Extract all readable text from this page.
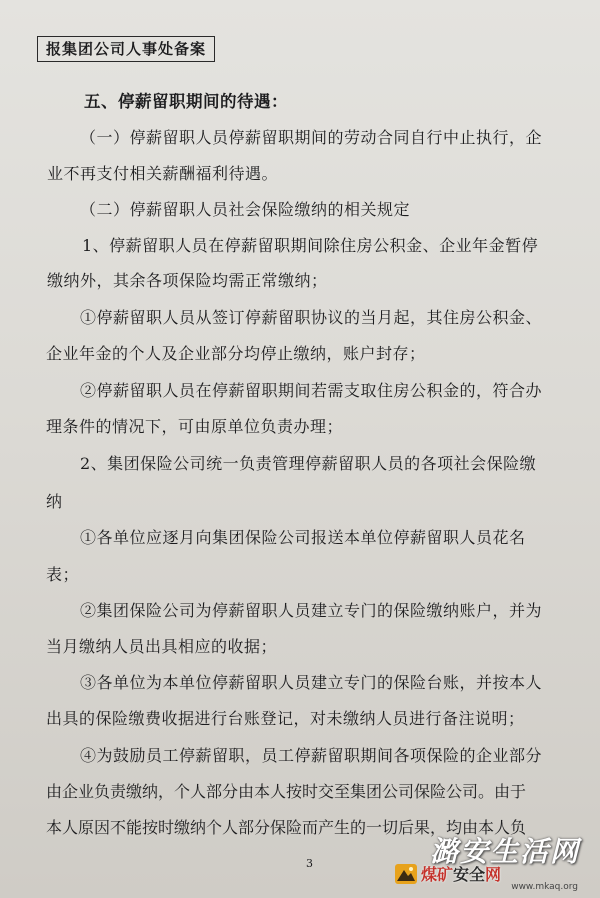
报集团公司人事处备案
五、停薪留职期间的待遇：
（一）停薪留职人员停薪留职期间的劳动合同自行中止执行，企
业不再支付相关薪酬福利待遇。
（二）停薪留职人员社会保险缴纳的相关规定
1、停薪留职人员在停薪留职期间除住房公积金、企业年金暂停
缴纳外，其余各项保险均需正常缴纳；
①停薪留职人员从签订停薪留职协议的当月起，其住房公积金、
企业年金的个人及企业部分均停止缴纳，账户封存；
②停薪留职人员在停薪留职期间若需支取住房公积金的，符合办
理条件的情况下，可由原单位负责办理；
2、集团保险公司统一负责管理停薪留职人员的各项社会保险缴
纳
①各单位应逐月向集团保险公司报送本单位停薪留职人员花名
表；
②集团保险公司为停薪留职人员建立专门的保险缴纳账户，并为
当月缴纳人员出具相应的收据；
③各单位为本单位停薪留职人员建立专门的保险台账，并按本人
出具的保险缴费收据进行台账登记，对未缴纳人员进行备注说明；
④为鼓励员工停薪留职，员工停薪留职期间各项保险的企业部分
由企业负责缴纳，个人部分由本人按时交至集团公司保险公司。由于
本人原因不能按时缴纳个人部分保险而产生的一切后果，均由本人负
3	潞安生活网
煤矿安全网
www.mkaq.org
